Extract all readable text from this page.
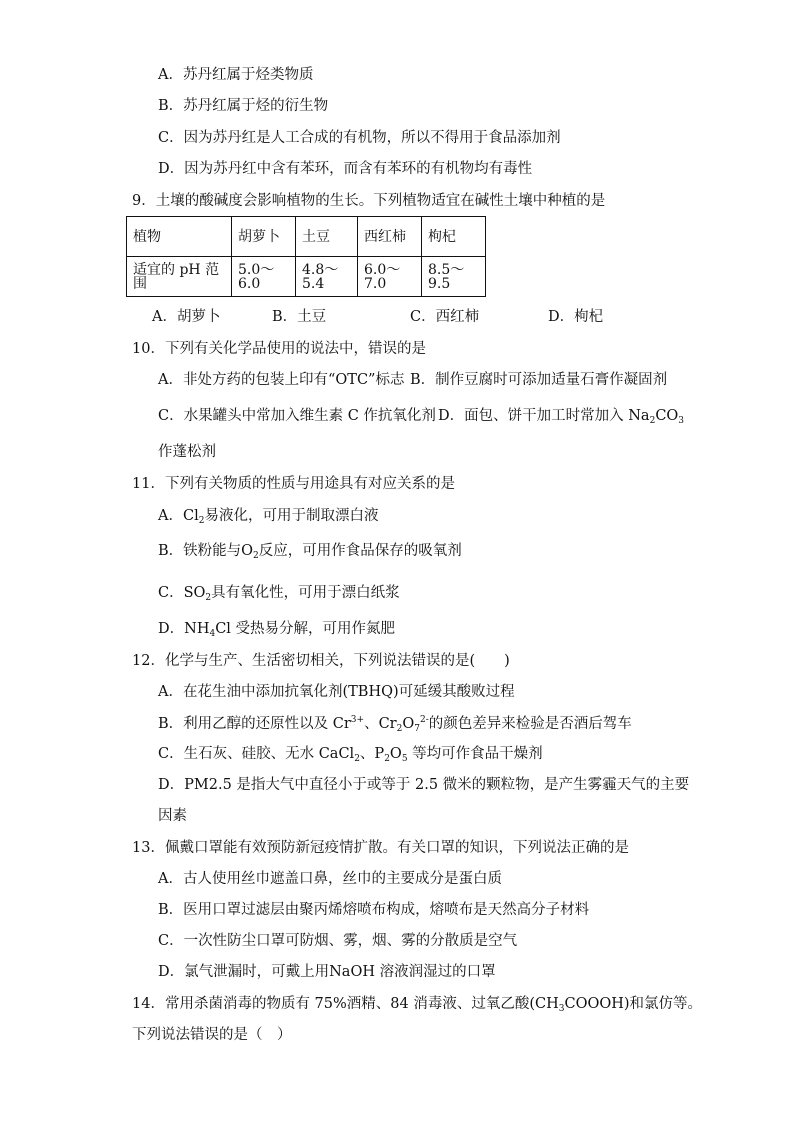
A．苏丹红属于烃类物质
B．苏丹红属于烃的衍生物
C．因为苏丹红是人工合成的有机物，所以不得用于食品添加剂
D．因为苏丹红中含有苯环，而含有苯环的有机物均有毒性
9．土壤的酸碱度会影响植物的生长。下列植物适宜在碱性土壤中种植的是
植物	胡萝卜	土豆	西红柿	枸杞
适宜的 pH 范围	5.0～6.0	4.8～5.4	6.0～7.0	8.5～9.5
A．胡萝卜	B．土豆	C．西红柿	D．枸杞
10．下列有关化学品使用的说法中，错误的是
A．非处方药的包装上印有“OTC”标志 B．制作豆腐时可添加适量石膏作凝固剂
C．水果罐头中常加入维生素 C 作抗氧化剂 D．面包、饼干加工时常加入 $Na_2CO_3$
作蓬松剂
11．下列有关物质的性质与用途具有对应关系的是
A．$Cl_2$易液化，可用于制取漂白液
B．铁粉能与$O_2$反应，可用作食品保存的吸氧剂
C．$SO_2$具有氧化性，可用于漂白纸浆
D．$NH_4Cl$ 受热易分解，可用作氮肥
12．化学与生产、生活密切相关，下列说法错误的是(　　)
A．在花生油中添加抗氧化剂(TBHQ)可延缓其酸败过程
B．利用乙醇的还原性以及 $Cr^{3+}$、$Cr_2O_7^{2-}$的颜色差异来检验是否酒后驾车
C．生石灰、硅胶、无水 CaCl$_2$、$P_2O_5$ 等均可作食品干燥剂
D．PM2.5 是指大气中直径小于或等于 2.5 微米的颗粒物，是产生雾霾天气的主要
因素
13．佩戴口罩能有效预防新冠疫情扩散。有关口罩的知识，下列说法正确的是
A．古人使用丝巾遮盖口鼻，丝巾的主要成分是蛋白质
B．医用口罩过滤层由聚丙烯熔喷布构成，熔喷布是天然高分子材料
C．一次性防尘口罩可防烟、雾，烟、雾的分散质是空气
D．氯气泄漏时，可戴上用NaOH 溶液润湿过的口罩
14．常用杀菌消毒的物质有 75%酒精、84 消毒液、过氧乙酸$(CH_3COOOH)$和氯仿等。
下列说法错误的是（　）
